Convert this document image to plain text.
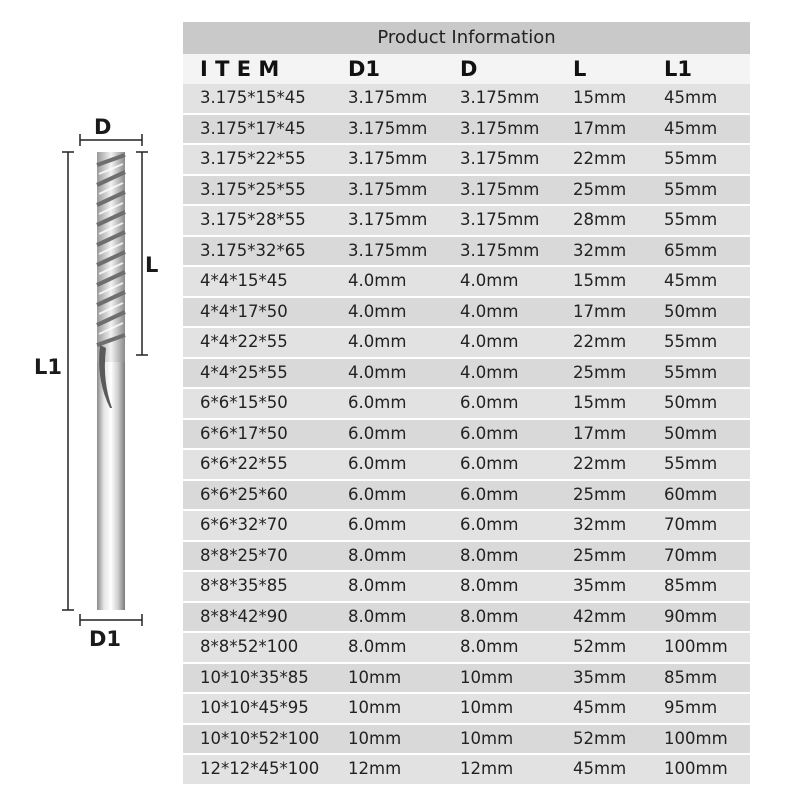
D
L
L1
D1
Product Information
I T E M	D1	D	L	L1
3.175*15*45	3.175mm 3.175mm 15mm 45mm
3.175*17*45	3.175mm 3.175mm 17mm 45mm
3.175*22*55	3.175mm 3.175mm 22mm 55mm
3.175*25*55	3.175mm 3.175mm 25mm 55mm
3.175*28*55	3.175mm 3.175mm 28mm 55mm
3.175*32*65	3.175mm 3.175mm 32mm 65mm
4*4*15*45	4.0mm	4.0mm	15mm 45mm
4*4*17*50	4.0mm	4.0mm	17mm 50mm
4*4*22*55	4.0mm	4.0mm	22mm 55mm
4*4*25*55	4.0mm	4.0mm	25mm 55mm
6*6*15*50	6.0mm	6.0mm	15mm 50mm
6*6*17*50	6.0mm	6.0mm	17mm 50mm
6*6*22*55	6.0mm	6.0mm	22mm 55mm
6*6*25*60	6.0mm	6.0mm	25mm 60mm
6*6*32*70	6.0mm	6.0mm	32mm 70mm
8*8*25*70	8.0mm	8.0mm	25mm 70mm
8*8*35*85	8.0mm	8.0mm	35mm 85mm
8*8*42*90	8.0mm	8.0mm	42mm 90mm
8*8*52*100	8.0mm	8.0mm	52mm 100mm
10*10*35*85 10mm	10mm	35mm 85mm
10*10*45*95 10mm	10mm	45mm 95mm
10*10*52*100 10mm	10mm	52mm 100mm
12*12*45*100 12mm	12mm	45mm 100mm
